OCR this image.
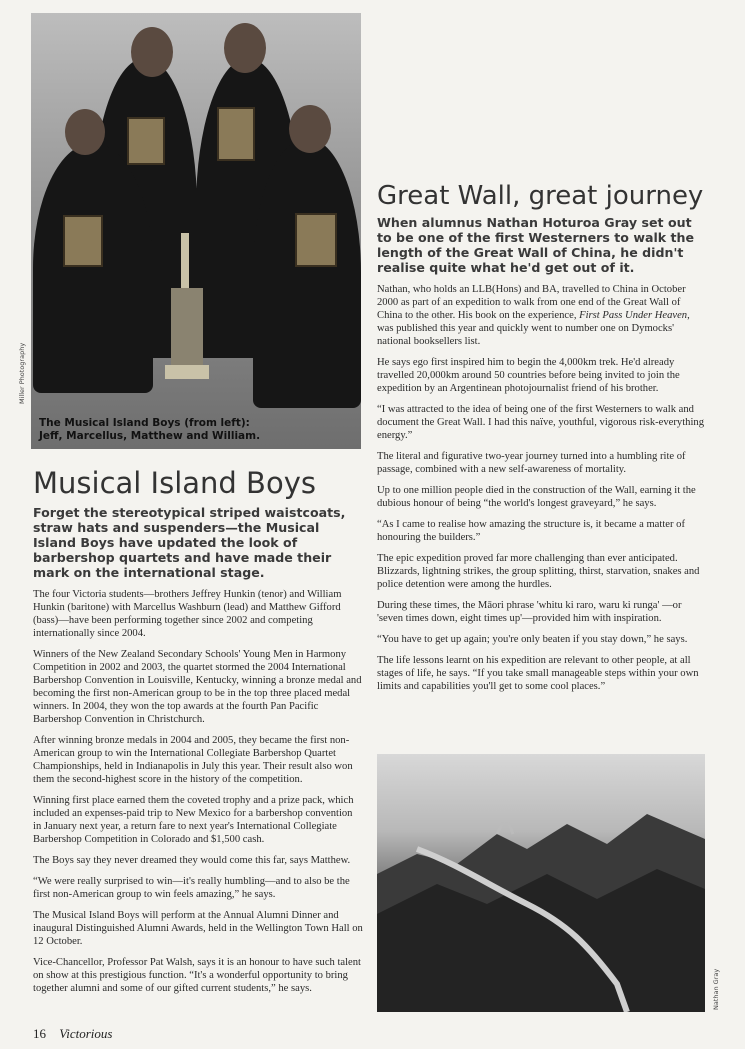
The Musical Island Boys (from left):
Jeff, Marcellus, Matthew and William.
Miller Photography
Musical Island Boys

Forget the stereotypical striped waistcoats, straw hats and suspenders—the Musical Island Boys have updated the look of barbershop quartets and have made their mark on the international stage.

The four Victoria students—brothers Jeffrey Hunkin (tenor) and William Hunkin (baritone) with Marcellus Washburn (lead) and Matthew Gifford (bass)—have been performing together since 2002 and competing internationally since 2004.

Winners of the New Zealand Secondary Schools' Young Men in Harmony Competition in 2002 and 2003, the quartet stormed the 2004 International Barbershop Convention in Louisville, Kentucky, winning a bronze medal and becoming the first non-American group to be in the top three placed medal winners. In 2004, they won the top awards at the fourth Pan Pacific Barbershop Convention in Christchurch.

After winning bronze medals in 2004 and 2005, they became the first non-American group to win the International Collegiate Barbershop Quartet Championships, held in Indianapolis in July this year. Their result also won them the second-highest score in the history of the competition.

Winning first place earned them the coveted trophy and a prize pack, which included an expenses-paid trip to New Mexico for a barbershop convention in January next year, a return fare to next year's International Collegiate Barbershop Competition in Colorado and $1,500 cash.

The Boys say they never dreamed they would come this far, says Matthew.

“We were really surprised to win—it's really humbling—and to also be the first non-American group to win feels amazing,” he says.

The Musical Island Boys will perform at the Annual Alumni Dinner and inaugural Distinguished Alumni Awards, held in the Wellington Town Hall on 12 October.

Vice-Chancellor, Professor Pat Walsh, says it is an honour to have such talent on show at this prestigious function. “It's a wonderful opportunity to bring together alumni and some of our gifted current students,” he says.

Great Wall, great journey

When alumnus Nathan Hoturoa Gray set out to be one of the first Westerners to walk the length of the Great Wall of China, he didn't realise quite what he'd get out of it.

Nathan, who holds an LLB(Hons) and BA, travelled to China in October 2000 as part of an expedition to walk from one end of the Great Wall of China to the other. His book on the experience, First Pass Under Heaven, was published this year and quickly went to number one on Dymocks' national booksellers list.

He says ego first inspired him to begin the 4,000km trek. He'd already travelled 20,000km around 50 countries before being invited to join the expedition by an Argentinean photojournalist friend of his brother.

“I was attracted to the idea of being one of the first Westerners to walk and document the Great Wall. I had this naïve, youthful, vigorous risk-everything energy.”

The literal and figurative two-year journey turned into a humbling rite of passage, combined with a new self-awareness of mortality.

Up to one million people died in the construction of the Wall, earning it the dubious honour of being “the world's longest graveyard,” he says.

“As I came to realise how amazing the structure is, it became a matter of honouring the builders.”

The epic expedition proved far more challenging than ever anticipated. Blizzards, lightning strikes, the group splitting, thirst, starvation, snakes and police detention were among the hurdles.

During these times, the Māori phrase 'whitu ki raro, waru ki runga' —or 'seven times down, eight times up'—provided him with inspiration.

“You have to get up again; you're only beaten if you stay down,” he says.

The life lessons learnt on his expedition are relevant to other people, at all stages of life, he says. “If you take small manageable steps within your own limits and capabilities you'll get to some cool places.”

Nathan Gray
16 Victorious
